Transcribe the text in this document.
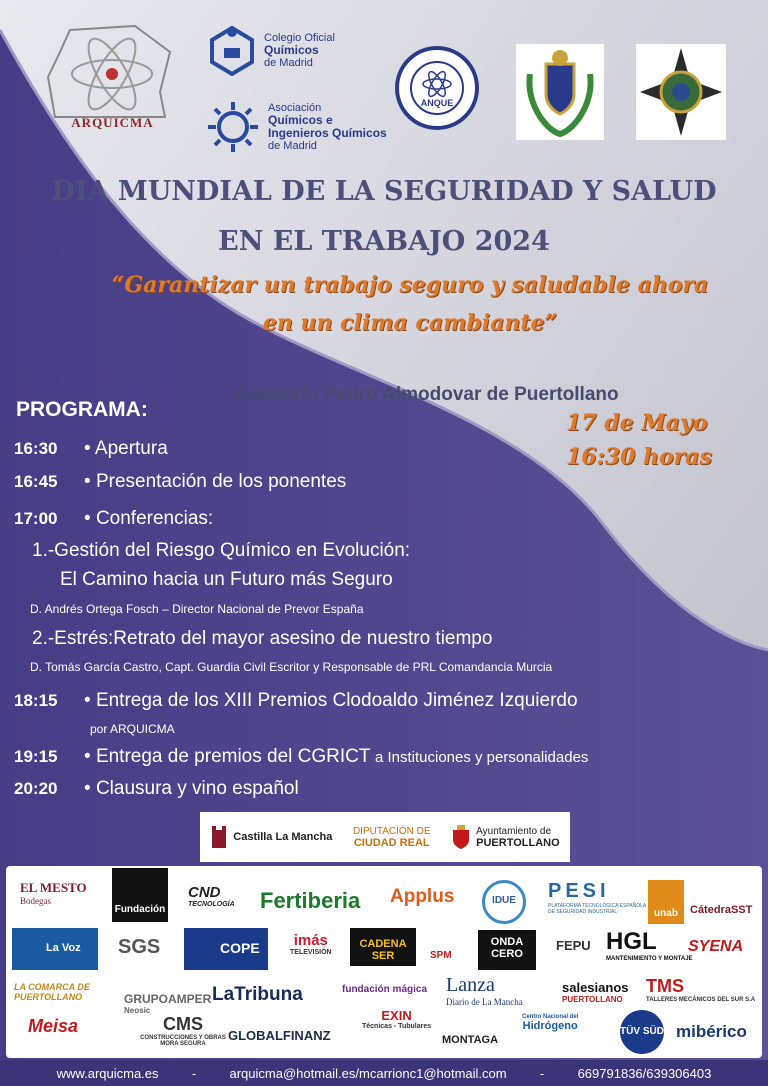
ARQUICMA
Colegio Oficial
Químicos
de Madrid
Asociación
Químicos e
Ingenieros Químicos
de Madrid
ANQUE
DIA MUNDIAL DE LA SEGURIDAD Y SALUD
EN EL TRABAJO 2024
“Garantizar un trabajo seguro y saludable ahora
en un clima cambiante”
Auditorio Pedro Almodovar de Puertollano
17 de Mayo
16:30 horas
PROGRAMA:
16:30 • Apertura
16:45 • Presentación de los ponentes
17:00 • Conferencias:
1.-Gestión del Riesgo Químico en Evolución:
El Camino hacia un Futuro más Seguro
D. Andrés Ortega Fosch – Director Nacional de Prevor España
2.-Estrés:Retrato del mayor asesino de nuestro tiempo
D. Tomás García Castro, Capt. Guardia Civil Escritor y Responsable de PRL Comandancia Murcia
18:15 • Entrega de los XIII Premios Clodoaldo Jiménez Izquierdo
por ARQUICMA
19:15 • Entrega de premios del CGRICT a Instituciones y personalidades
20:20 • Clausura y vino español
Castilla La Mancha DIPUTACIÓN DE
CIUDAD REAL
Ayuntamiento de
PUERTOLLANO
EL MESTO
Bodegas
Fundación
CND
TECNOLOGÍA Fertiberia Applus	IDUE	PESI
PLATAFORMA TECNOLÓGICA ESPAÑOLA DE SEGURIDAD INDUSTRIAL	unab	CátedraSST
La Voz	SGS	COPE	imás
TELEVISIÓN
CADENA SER	SPM
ONDA CERO
FEPU HGL
MANTENIMIENTO Y MONTAJE
SYENA
LA COMARCA DE PUERTOLLANO	GRUPOAMPER
Neosic
LaTribuna	fundación mágica Lanza
Diario de La Mancha
salesianos
PUERTOLLANO
TMS
TALLERES MECÁNICOS DEL SUR S.A
Meisa	CMS
CONSTRUCCIONES Y OBRAS MORA SEGURA
GLOBALFINANZ
EXIN
Técnicas - Tubulares
MONTAGA
Centro Nacional del
Hidrógeno	TÜV SÜD mibérico
www.arquicma.es	-	arquicma@hotmail.es/mcarrionc1@hotmail.com	-	669791836/639306403
